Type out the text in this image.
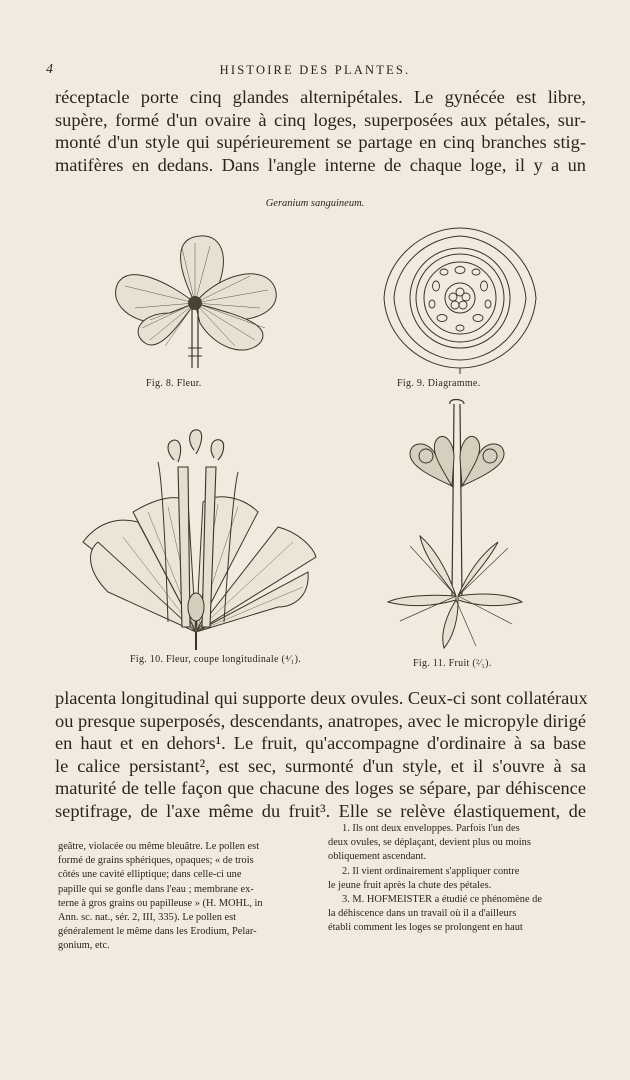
4	HISTOIRE DES PLANTES.
réceptacle porte cinq glandes alternipétales. Le gynécée est libre,
supère, formé d'un ovaire à cinq loges, superposées aux pétales, sur-
monté d'un style qui supérieurement se partage en cinq branches stig-
matifères en dedans. Dans l'angle interne de chaque loge, il y a un
Geranium sanguineum.
Fig. 8. Fleur.	Fig. 9. Diagramme.
Fig. 10. Fleur, coupe longitudinale (⁴⁄₁).	Fig. 11. Fruit (²⁄₁).
placenta longitudinal qui supporte deux ovules. Ceux-ci sont collatéraux
ou presque superposés, descendants, anatropes, avec le micropyle dirigé
en haut et en dehors¹. Le fruit, qu'accompagne d'ordinaire à sa base
le calice persistant², est sec, surmonté d'un style, et il s'ouvre à sa
maturité de telle façon que chacune des loges se sépare, par déhiscence
septifrage, de l'axe même du fruit³. Elle se relève élastiquement, de
geâtre, violacée ou même bleuâtre. Le pollen est
formé de grains sphériques, opaques; « de trois
côtés une cavité elliptique; dans celle-ci une
papille qui se gonfle dans l'eau ; membrane ex-
terne à gros grains ou papilleuse » (H. MOHL, in
Ann. sc. nat., sér. 2, III, 335). Le pollen est
généralement le même dans les Erodium, Pelar-
gonium, etc.
1. Ils ont deux enveloppes. Parfois l'un des
deux ovules, se déplaçant, devient plus ou moins
obliquement ascendant.
2. Il vient ordinairement s'appliquer contre
le jeune fruit après la chute des pétales.
3. M. HOFMEISTER a étudié ce phénomène de
la déhiscence dans un travail où il a d'ailleurs
établi comment les loges se prolongent en haut
